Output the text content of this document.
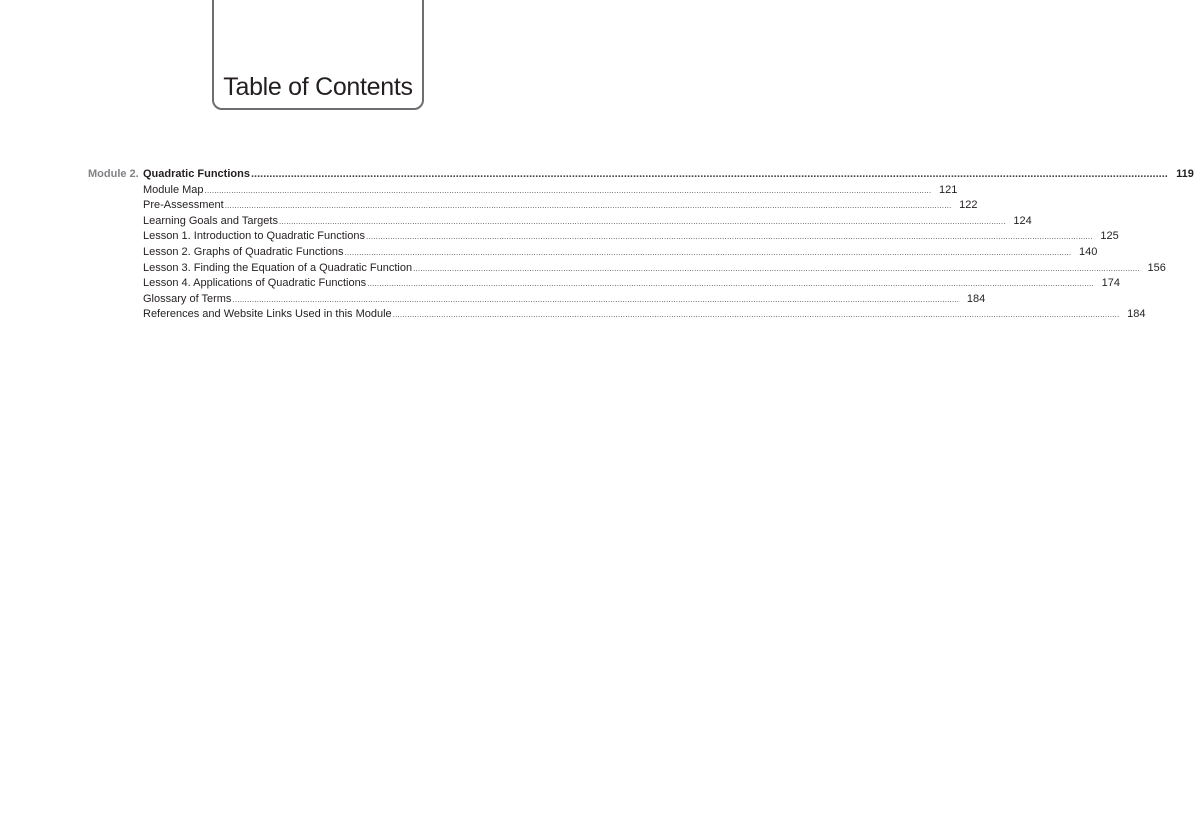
Table of Contents
Module 2. Quadratic Functions ............................................................................................................................................................................................................................................................................................................ 119
Module Map ............................................................................................................................................................................................................................................................................................................ 121
Pre-Assessment ............................................................................................................................................................................................................................................................................................................ 122
Learning Goals and Targets ............................................................................................................................................................................................................................................................................................................ 124
Lesson 1. Introduction to Quadratic Functions ............................................................................................................................................................................................................................................................................................................ 125
Lesson 2. Graphs of Quadratic Functions ............................................................................................................................................................................................................................................................................................................ 140
Lesson 3. Finding the Equation of a Quadratic Function ............................................................................................................................................................................................................................................................................................................ 156
Lesson 4. Applications of Quadratic Functions ............................................................................................................................................................................................................................................................................................................ 174
Glossary of Terms ............................................................................................................................................................................................................................................................................................................ 184
References and Website Links Used in this Module ............................................................................................................................................................................................................................................................................................................ 184
